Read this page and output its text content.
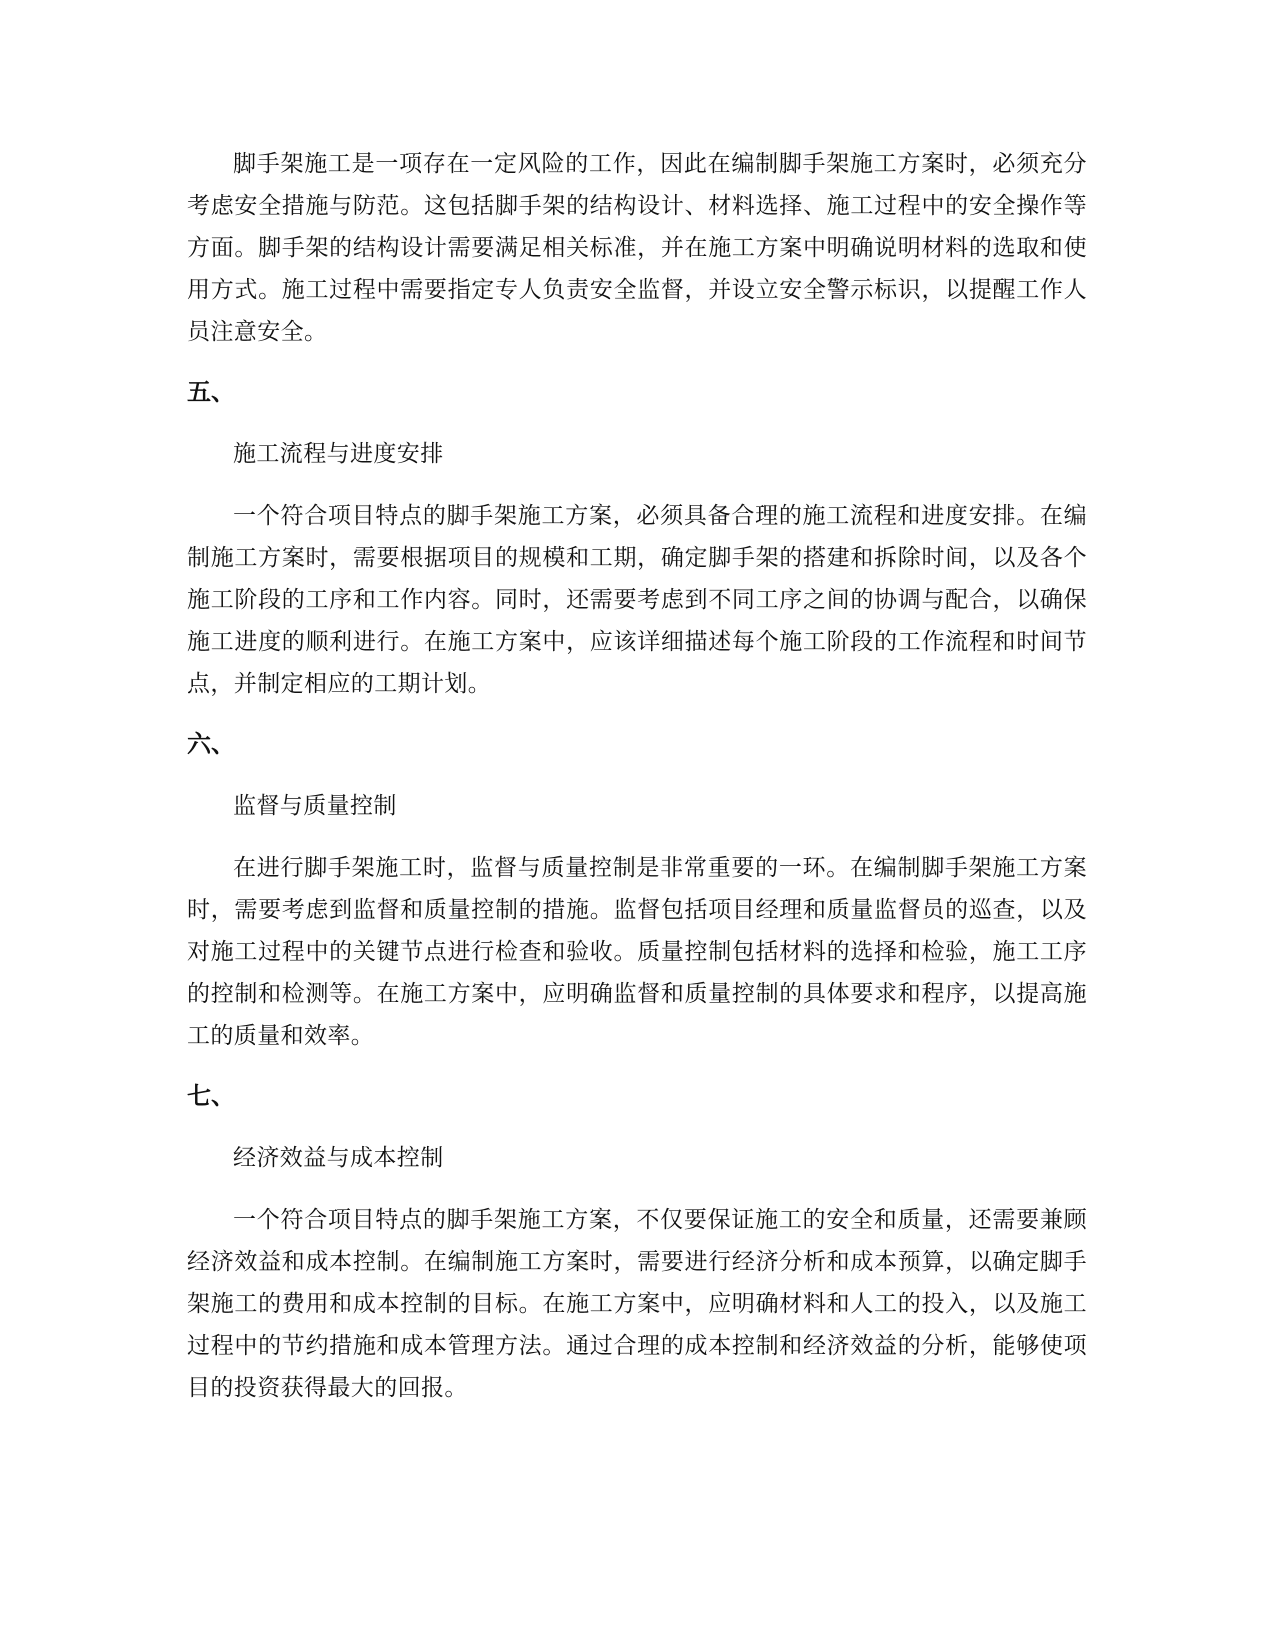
脚手架施工是一项存在一定风险的工作，因此在编制脚手架施工方案时，必须充分考虑安全措施与防范。这包括脚手架的结构设计、材料选择、施工过程中的安全操作等方面。脚手架的结构设计需要满足相关标准，并在施工方案中明确说明材料的选取和使用方式。施工过程中需要指定专人负责安全监督，并设立安全警示标识，以提醒工作人员注意安全。

五、

施工流程与进度安排

一个符合项目特点的脚手架施工方案，必须具备合理的施工流程和进度安排。在编制施工方案时，需要根据项目的规模和工期，确定脚手架的搭建和拆除时间，以及各个施工阶段的工序和工作内容。同时，还需要考虑到不同工序之间的协调与配合，以确保施工进度的顺利进行。在施工方案中，应该详细描述每个施工阶段的工作流程和时间节点，并制定相应的工期计划。

六、

监督与质量控制

在进行脚手架施工时，监督与质量控制是非常重要的一环。在编制脚手架施工方案时，需要考虑到监督和质量控制的措施。监督包括项目经理和质量监督员的巡查，以及对施工过程中的关键节点进行检查和验收。质量控制包括材料的选择和检验，施工工序的控制和检测等。在施工方案中，应明确监督和质量控制的具体要求和程序，以提高施工的质量和效率。

七、

经济效益与成本控制

一个符合项目特点的脚手架施工方案，不仅要保证施工的安全和质量，还需要兼顾经济效益和成本控制。在编制施工方案时，需要进行经济分析和成本预算，以确定脚手架施工的费用和成本控制的目标。在施工方案中，应明确材料和人工的投入，以及施工过程中的节约措施和成本管理方法。通过合理的成本控制和经济效益的分析，能够使项目的投资获得最大的回报。
